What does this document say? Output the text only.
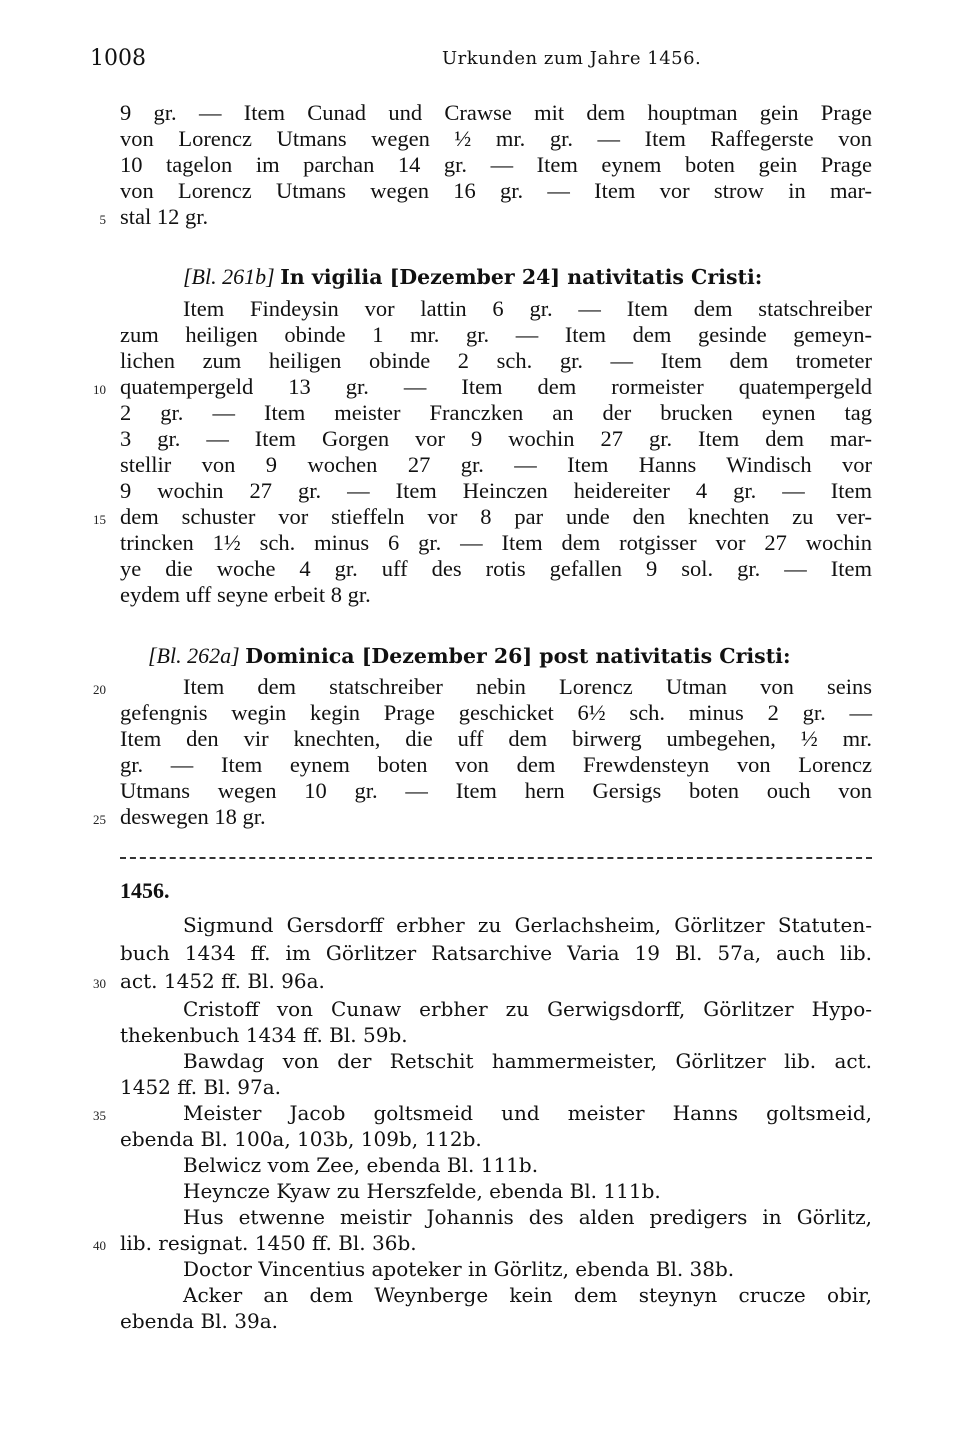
1008	Urkunden zum Jahre 1456.
9 gr. — Item Cunad und Crawse mit dem houptman gein Prage
von Lorencz Utmans wegen ½ mr. gr. — Item Raffegerste von
10 tagelon im parchan 14 gr. — Item eynem boten gein Prage
von Lorencz Utmans wegen 16 gr. — Item vor strow in mar-
stal 12 gr.
[Bl. 261b] In vigilia [Dezember 24] nativitatis Cristi:
Item Findeysin vor lattin 6 gr. — Item dem statschreiber
zum heiligen obinde 1 mr. gr. — Item dem gesinde gemeyn-
lichen zum heiligen obinde 2 sch. gr. — Item dem trometer
quatempergeld 13 gr. — Item dem rormeister quatempergeld
2 gr. — Item meister Franczken an der brucken eynen tag
3 gr. — Item Gorgen vor 9 wochin 27 gr. Item dem mar-
stellir von 9 wochen 27 gr. — Item Hanns Windisch vor
9 wochin 27 gr. — Item Heinczen heidereiter 4 gr. — Item
dem schuster vor stieffeln vor 8 par unde den knechten zu ver-
trincken 1½ sch. minus 6 gr. — Item dem rotgisser vor 27 wochin
ye die woche 4 gr. uff des rotis gefallen 9 sol. gr. — Item
eydem uff seyne erbeit 8 gr.
[Bl. 262a] Dominica [Dezember 26] post nativitatis Cristi:
Item dem statschreiber nebin Lorencz Utman von seins
gefengnis wegin kegin Prage geschicket 6½ sch. minus 2 gr. —
Item den vir knechten, die uff dem birwerg umbegehen, ½ mr.
gr. — Item eynem boten von dem Frewdensteyn von Lorencz
Utmans wegen 10 gr. — Item hern Gersigs boten ouch von
deswegen 18 gr.
1456.
Sigmund Gersdorff erbher zu Gerlachsheim, Görlitzer Statuten-
buch 1434 ff. im Görlitzer Ratsarchive Varia 19 Bl. 57a, auch lib.
act. 1452 ff. Bl. 96a.
Cristoff von Cunaw erbher zu Gerwigsdorff, Görlitzer Hypo-
thekenbuch 1434 ff. Bl. 59b.
Bawdag von der Retschit hammermeister, Görlitzer lib. act.
1452 ff. Bl. 97a.
Meister Jacob goltsmeid und meister Hanns goltsmeid,
ebenda Bl. 100a, 103b, 109b, 112b.
Belwicz vom Zee, ebenda Bl. 111b.
Heyncze Kyaw zu Herszfelde, ebenda Bl. 111b.
Hus etwenne meistir Johannis des alden predigers in Görlitz,
lib. resignat. 1450 ff. Bl. 36b.
Doctor Vincentius apoteker in Görlitz, ebenda Bl. 38b.
Acker an dem Weynberge kein dem steynyn crucze obir,
ebenda Bl. 39a.
5
10
15
20
25
30
35
40
